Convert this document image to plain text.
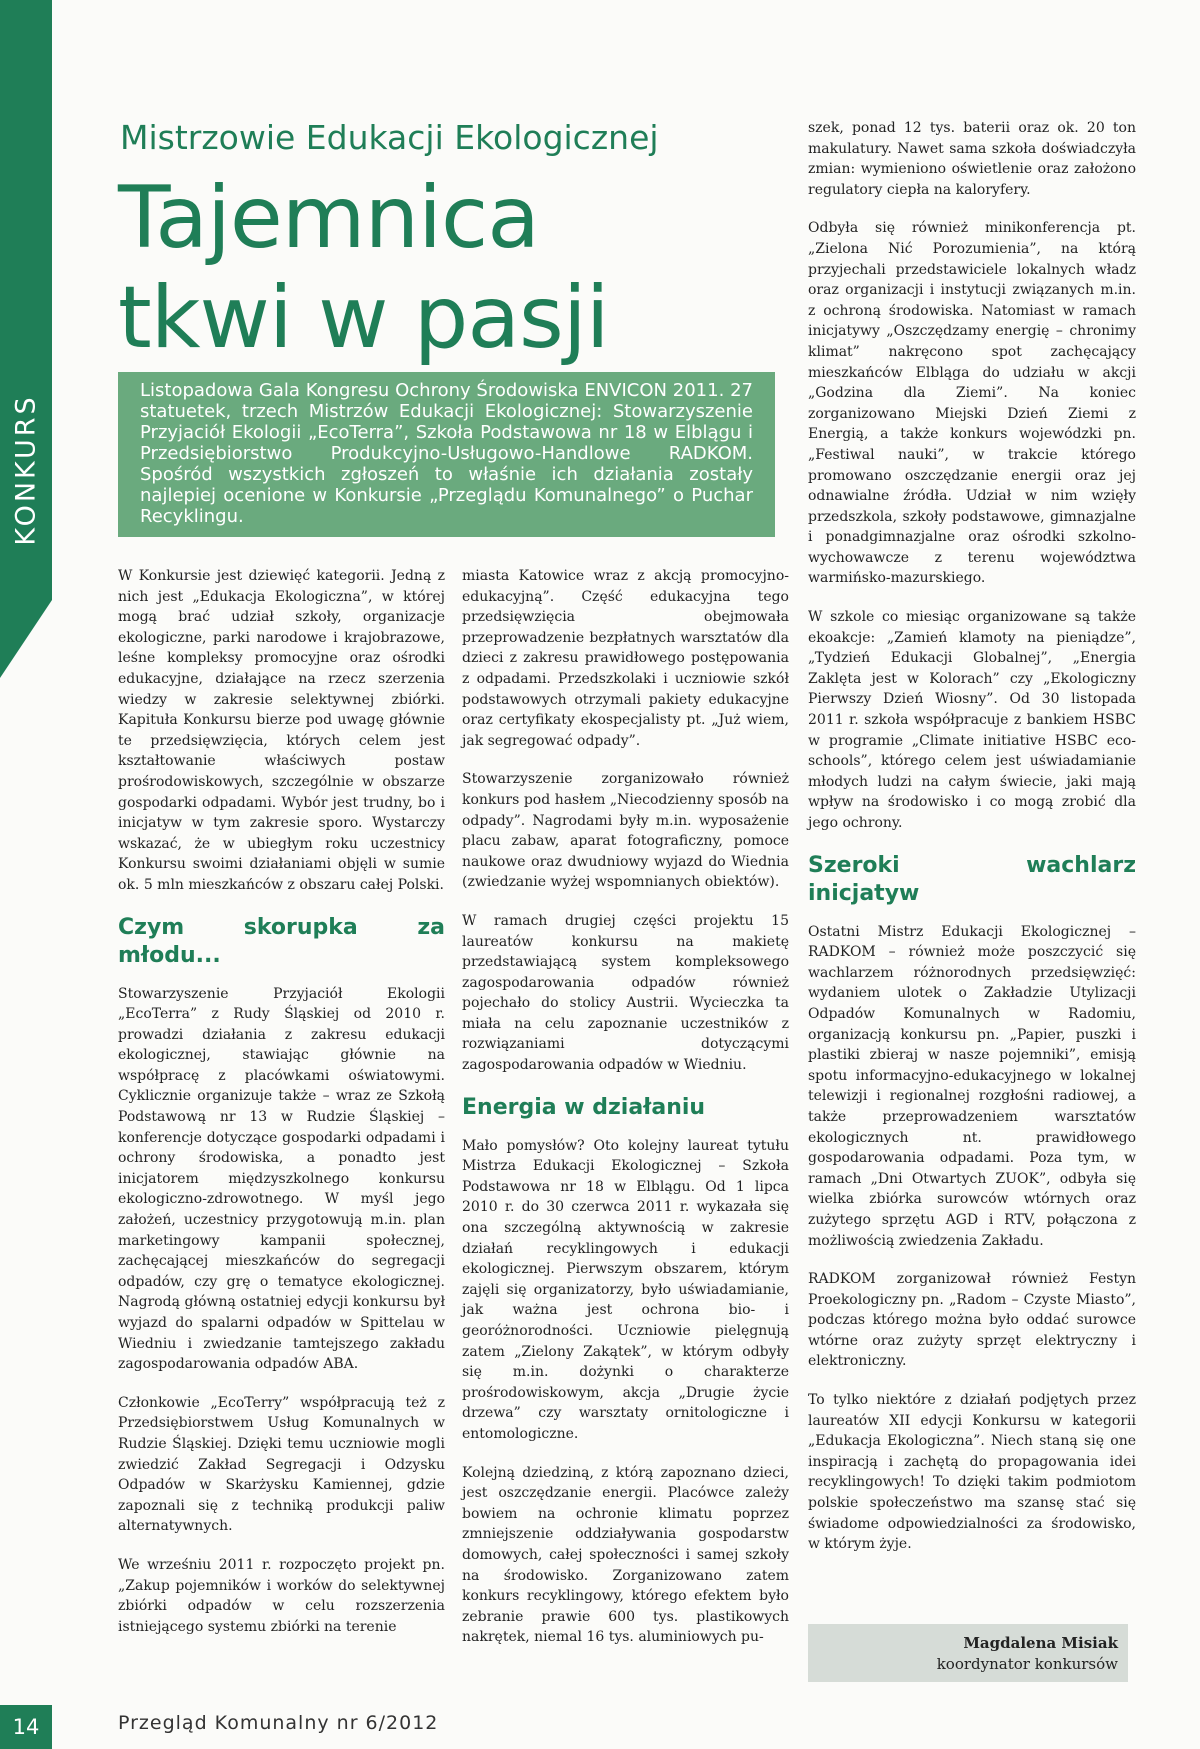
KONKURS
Mistrzowie Edukacji Ekologicznej
Tajemnica
tkwi w pasji
Listopadowa Gala Kongresu Ochrony Środowiska ENVICON 2011. 27 statuetek, trzech Mistrzów Edukacji Ekologicznej: Stowarzyszenie Przyjaciół Ekologii „EcoTerra”, Szkoła Podstawowa nr 18 w Elblągu i Przedsiębiorstwo Produkcyjno-Usługowo-Handlowe RADKOM. Spośród wszystkich zgłoszeń to właśnie ich działania zostały najlepiej ocenione w Konkursie „Przeglądu Komunalnego” o Puchar Recyklingu.

W Konkursie jest dziewięć kategorii. Jedną z nich jest „Edukacja Ekologiczna”, w której mogą brać udział szkoły, organizacje ekologiczne, parki narodowe i krajobrazowe, leśne kompleksy promocyjne oraz ośrodki edukacyjne, działające na rzecz szerzenia wiedzy w zakresie selektywnej zbiórki. Kapituła Konkursu bierze pod uwagę głównie te przedsięwzięcia, których celem jest kształtowanie właściwych postaw prośrodowiskowych, szczególnie w obszarze gospodarki odpadami. Wybór jest trudny, bo i inicjatyw w tym zakresie sporo. Wystarczy wskazać, że w ubiegłym roku uczestnicy Konkursu swoimi działaniami objęli w sumie ok. 5 mln mieszkańców z obszaru całej Polski.

Czym skorupka za młodu...

Stowarzyszenie Przyjaciół Ekologii „EcoTerra” z Rudy Śląskiej od 2010 r. prowadzi działania z zakresu edukacji ekologicznej, stawiając głównie na współpracę z placówkami oświatowymi. Cyklicznie organizuje także – wraz ze Szkołą Podstawową nr 13 w Rudzie Śląskiej – konferencje dotyczące gospodarki odpadami i ochrony środowiska, a ponadto jest inicjatorem międzyszkolnego konkursu ekologiczno-zdrowotnego. W myśl jego założeń, uczestnicy przygotowują m.in. plan marketingowy kampanii społecznej, zachęcającej mieszkańców do segregacji odpadów, czy grę o tematyce ekologicznej. Nagrodą główną ostatniej edycji konkursu był wyjazd do spalarni odpadów w Spittelau w Wiedniu i zwiedzanie tamtejszego zakładu zagospodarowania odpadów ABA.

Członkowie „EcoTerry” współpracują też z Przedsiębiorstwem Usług Komunalnych w Rudzie Śląskiej. Dzięki temu uczniowie mogli zwiedzić Zakład Segregacji i Odzysku Odpadów w Skarżysku Kamiennej, gdzie zapoznali się z techniką produkcji paliw alternatywnych.

We wrześniu 2011 r. rozpoczęto projekt pn. „Zakup pojemników i worków do selektywnej zbiórki odpadów w celu rozszerzenia istniejącego systemu zbiórki na terenie

miasta Katowice wraz z akcją promocyjno-edukacyjną”. Część edukacyjna tego przedsięwzięcia obejmowała przeprowadzenie bezpłatnych warsztatów dla dzieci z zakresu prawidłowego postępowania z odpadami. Przedszkolaki i uczniowie szkół podstawowych otrzymali pakiety edukacyjne oraz certyfikaty ekospecjalisty pt. „Już wiem, jak segregować odpady”.

Stowarzyszenie zorganizowało również konkurs pod hasłem „Niecodzienny sposób na odpady”. Nagrodami były m.in. wyposażenie placu zabaw, aparat fotograficzny, pomoce naukowe oraz dwudniowy wyjazd do Wiednia (zwiedzanie wyżej wspomnianych obiektów).

W ramach drugiej części projektu 15 laureatów konkursu na makietę przedstawiającą system kompleksowego zagospodarowania odpadów również pojechało do stolicy Austrii. Wycieczka ta miała na celu zapoznanie uczestników z rozwiązaniami dotyczącymi zagospodarowania odpadów w Wiedniu.

Energia w działaniu

Mało pomysłów? Oto kolejny laureat tytułu Mistrza Edukacji Ekologicznej – Szkoła Podstawowa nr 18 w Elblągu. Od 1 lipca 2010 r. do 30 czerwca 2011 r. wykazała się ona szczególną aktywnością w zakresie działań recyklingowych i edukacji ekologicznej. Pierwszym obszarem, którym zajęli się organizatorzy, było uświadamianie, jak ważna jest ochrona bio- i georóżnorodności. Uczniowie pielęgnują zatem „Zielony Zakątek”, w którym odbyły się m.in. dożynki o charakterze prośrodowiskowym, akcja „Drugie życie drzewa” czy warsztaty ornitologiczne i entomologiczne.

Kolejną dziedziną, z którą zapoznano dzieci, jest oszczędzanie energii. Placówce zależy bowiem na ochronie klimatu poprzez zmniejszenie oddziaływania gospodarstw domowych, całej społeczności i samej szkoły na środowisko. Zorganizowano zatem konkurs recyklingowy, którego efektem było zebranie prawie 600 tys. plastikowych nakrętek, niemal 16 tys. aluminiowych pu-

szek, ponad 12 tys. baterii oraz ok. 20 ton makulatury. Nawet sama szkoła doświadczyła zmian: wymieniono oświetlenie oraz założono regulatory ciepła na kaloryfery.

Odbyła się również minikonferencja pt. „Zielona Nić Porozumienia”, na którą przyjechali przedstawiciele lokalnych władz oraz organizacji i instytucji związanych m.in. z ochroną środowiska. Natomiast w ramach inicjatywy „Oszczędzamy energię – chronimy klimat” nakręcono spot zachęcający mieszkańców Elbląga do udziału w akcji „Godzina dla Ziemi”. Na koniec zorganizowano Miejski Dzień Ziemi z Energią, a także konkurs wojewódzki pn. „Festiwal nauki”, w trakcie którego promowano oszczędzanie energii oraz jej odnawialne źródła. Udział w nim wzięły przedszkola, szkoły podstawowe, gimnazjalne i ponadgimnazjalne oraz ośrodki szkolno-wychowawcze z terenu województwa warmińsko-mazurskiego.

W szkole co miesiąc organizowane są także ekoakcje: „Zamień klamoty na pieniądze”, „Tydzień Edukacji Globalnej”, „Energia Zaklęta jest w Kolorach” czy „Ekologiczny Pierwszy Dzień Wiosny”. Od 30 listopada 2011 r. szkoła współpracuje z bankiem HSBC w programie „Climate initiative HSBC eco-schools”, którego celem jest uświadamianie młodych ludzi na całym świecie, jaki mają wpływ na środowisko i co mogą zrobić dla jego ochrony.

Szeroki wachlarz inicjatyw

Ostatni Mistrz Edukacji Ekologicznej – RADKOM – również może poszczycić się wachlarzem różnorodnych przedsięwzięć: wydaniem ulotek o Zakładzie Utylizacji Odpadów Komunalnych w Radomiu, organizacją konkursu pn. „Papier, puszki i plastiki zbieraj w nasze pojemniki”, emisją spotu informacyjno-edukacyjnego w lokalnej telewizji i regionalnej rozgłośni radiowej, a także przeprowadzeniem warsztatów ekologicznych nt. prawidłowego gospodarowania odpadami. Poza tym, w ramach „Dni Otwartych ZUOK”, odbyła się wielka zbiórka surowców wtórnych oraz zużytego sprzętu AGD i RTV, połączona z możliwością zwiedzenia Zakładu.

RADKOM zorganizował również Festyn Proekologiczny pn. „Radom – Czyste Miasto”, podczas którego można było oddać surowce wtórne oraz zużyty sprzęt elektryczny i elektroniczny.

To tylko niektóre z działań podjętych przez laureatów XII edycji Konkursu w kategorii „Edukacja Ekologiczna”. Niech staną się one inspiracją i zachętą do propagowania idei recyklingowych! To dzięki takim podmiotom polskie społeczeństwo ma szansę stać się świadome odpowiedzialności za środowisko, w którym żyje.

Magdalena Misiak
koordynator konkursów
14	Przegląd Komunalny nr 6/2012
